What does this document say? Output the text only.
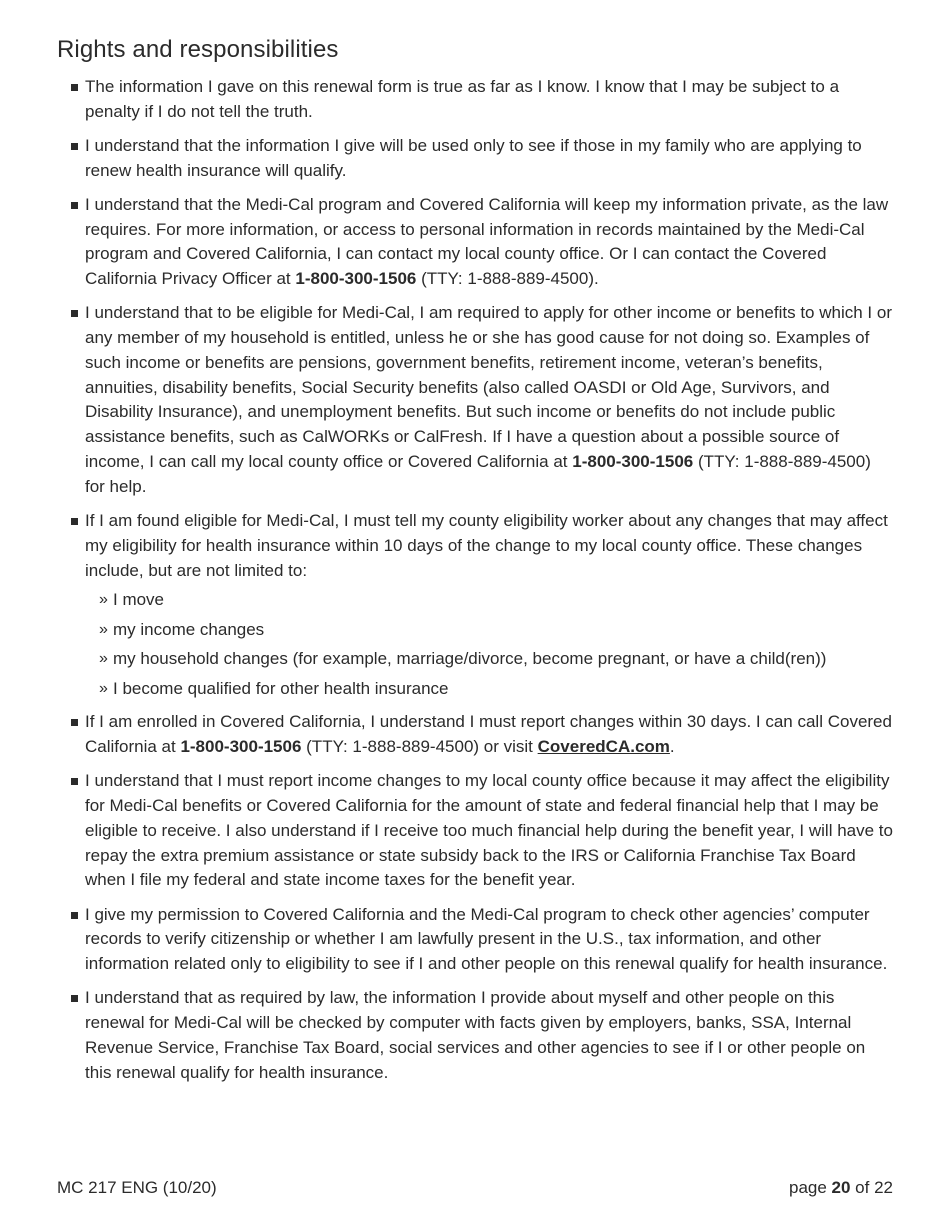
Rights and responsibilities
The information I gave on this renewal form is true as far as I know. I know that I may be subject to a penalty if I do not tell the truth.
I understand that the information I give will be used only to see if those in my family who are applying to renew health insurance will qualify.
I understand that the Medi-Cal program and Covered California will keep my information private, as the law requires. For more information, or access to personal information in records maintained by the Medi-Cal program and Covered California, I can contact my local county office. Or I can contact the Covered California Privacy Officer at 1-800-300-1506 (TTY: 1-888-889-4500).
I understand that to be eligible for Medi-Cal, I am required to apply for other income or benefits to which I or any member of my household is entitled, unless he or she has good cause for not doing so. Examples of such income or benefits are pensions, government benefits, retirement income, veteran’s benefits, annuities, disability benefits, Social Security benefits (also called OASDI or Old Age, Survivors, and Disability Insurance), and unemployment benefits. But such income or benefits do not include public assistance benefits, such as CalWORKs or CalFresh. If I have a question about a possible source of income, I can call my local county office or Covered California at 1-800-300-1506 (TTY: 1-888-889-4500) for help.
If I am found eligible for Medi-Cal, I must tell my county eligibility worker about any changes that may affect my eligibility for health insurance within 10 days of the change to my local county office. These changes include, but are not limited to:
» I move
» my income changes
» my household changes (for example, marriage/divorce, become pregnant, or have a child(ren))
» I become qualified for other health insurance
If I am enrolled in Covered California, I understand I must report changes within 30 days. I can call Covered California at 1-800-300-1506 (TTY: 1-888-889-4500) or visit CoveredCA.com.
I understand that I must report income changes to my local county office because it may affect the eligibility for Medi-Cal benefits or Covered California for the amount of state and federal financial help that I may be eligible to receive. I also understand if I receive too much financial help during the benefit year, I will have to repay the extra premium assistance or state subsidy back to the IRS or California Franchise Tax Board when I file my federal and state income taxes for the benefit year.
I give my permission to Covered California and the Medi-Cal program to check other agencies’ computer records to verify citizenship or whether I am lawfully present in the U.S., tax information, and other information related only to eligibility to see if I and other people on this renewal qualify for health insurance.
I understand that as required by law, the information I provide about myself and other people on this renewal for Medi-Cal will be checked by computer with facts given by employers, banks, SSA, Internal Revenue Service, Franchise Tax Board, social services and other agencies to see if I or other people on this renewal qualify for health insurance.
MC 217 ENG (10/20)	page 20 of 22
